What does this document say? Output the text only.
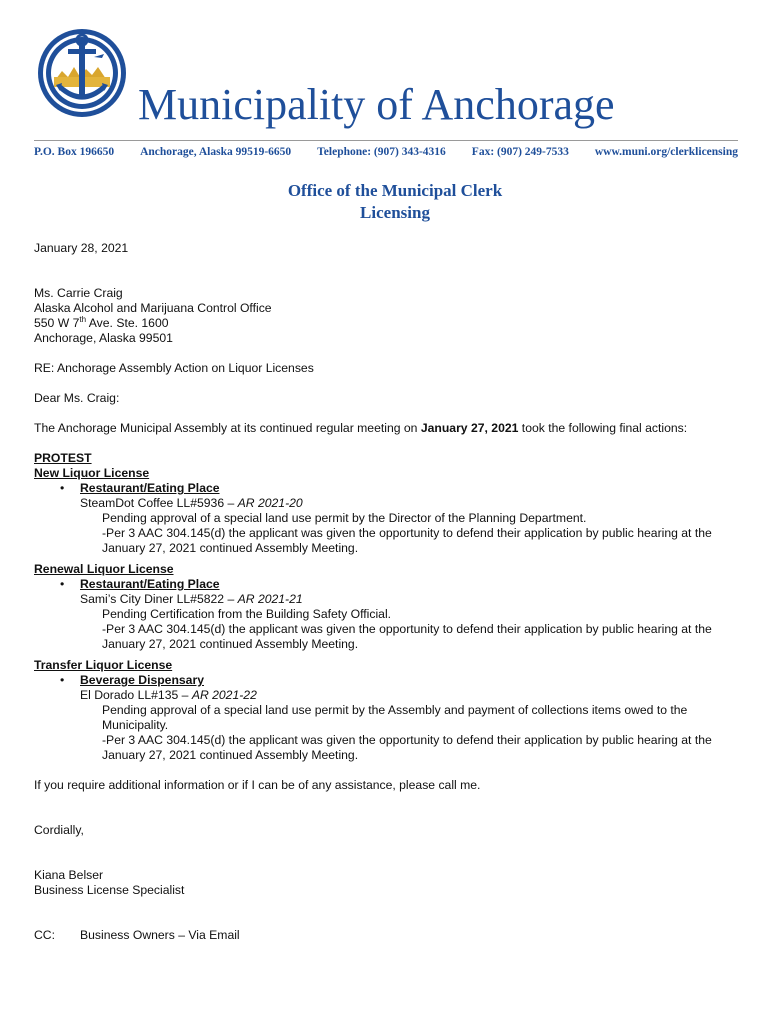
Municipality of Anchorage
P.O. Box 196650 Anchorage, Alaska 99519-6650 Telephone: (907) 343-4316 Fax: (907) 249-7533 www.muni.org/clerklicensing
Office of the Municipal Clerk
Licensing

January 28, 2021

Ms. Carrie Craig

Alaska Alcohol and Marijuana Control Office

550 W 7th Ave. Ste. 1600

Anchorage, Alaska 99501

RE: Anchorage Assembly Action on Liquor Licenses

Dear Ms. Craig:

The Anchorage Municipal Assembly at its continued regular meeting on January 27, 2021 took the following final actions:

PROTEST

New Liquor License

• Restaurant/Eating Place

SteamDot Coffee LL#5936 – AR 2021-20

Pending approval of a special land use permit by the Director of the Planning Department.

-Per 3 AAC 304.145(d) the applicant was given the opportunity to defend their application by public hearing at the

January 27, 2021 continued Assembly Meeting.

Renewal Liquor License

• Restaurant/Eating Place

Sami’s City Diner LL#5822 – AR 2021-21

Pending Certification from the Building Safety Official.

-Per 3 AAC 304.145(d) the applicant was given the opportunity to defend their application by public hearing at the

January 27, 2021 continued Assembly Meeting.

Transfer Liquor License

• Beverage Dispensary

El Dorado LL#135 – AR 2021-22

Pending approval of a special land use permit by the Assembly and payment of collections items owed to the

Municipality.

-Per 3 AAC 304.145(d) the applicant was given the opportunity to defend their application by public hearing at the

January 27, 2021 continued Assembly Meeting.

If you require additional information or if I can be of any assistance, please call me.

Cordially,

Kiana Belser

Business License Specialist

CC: Business Owners – Via Email
